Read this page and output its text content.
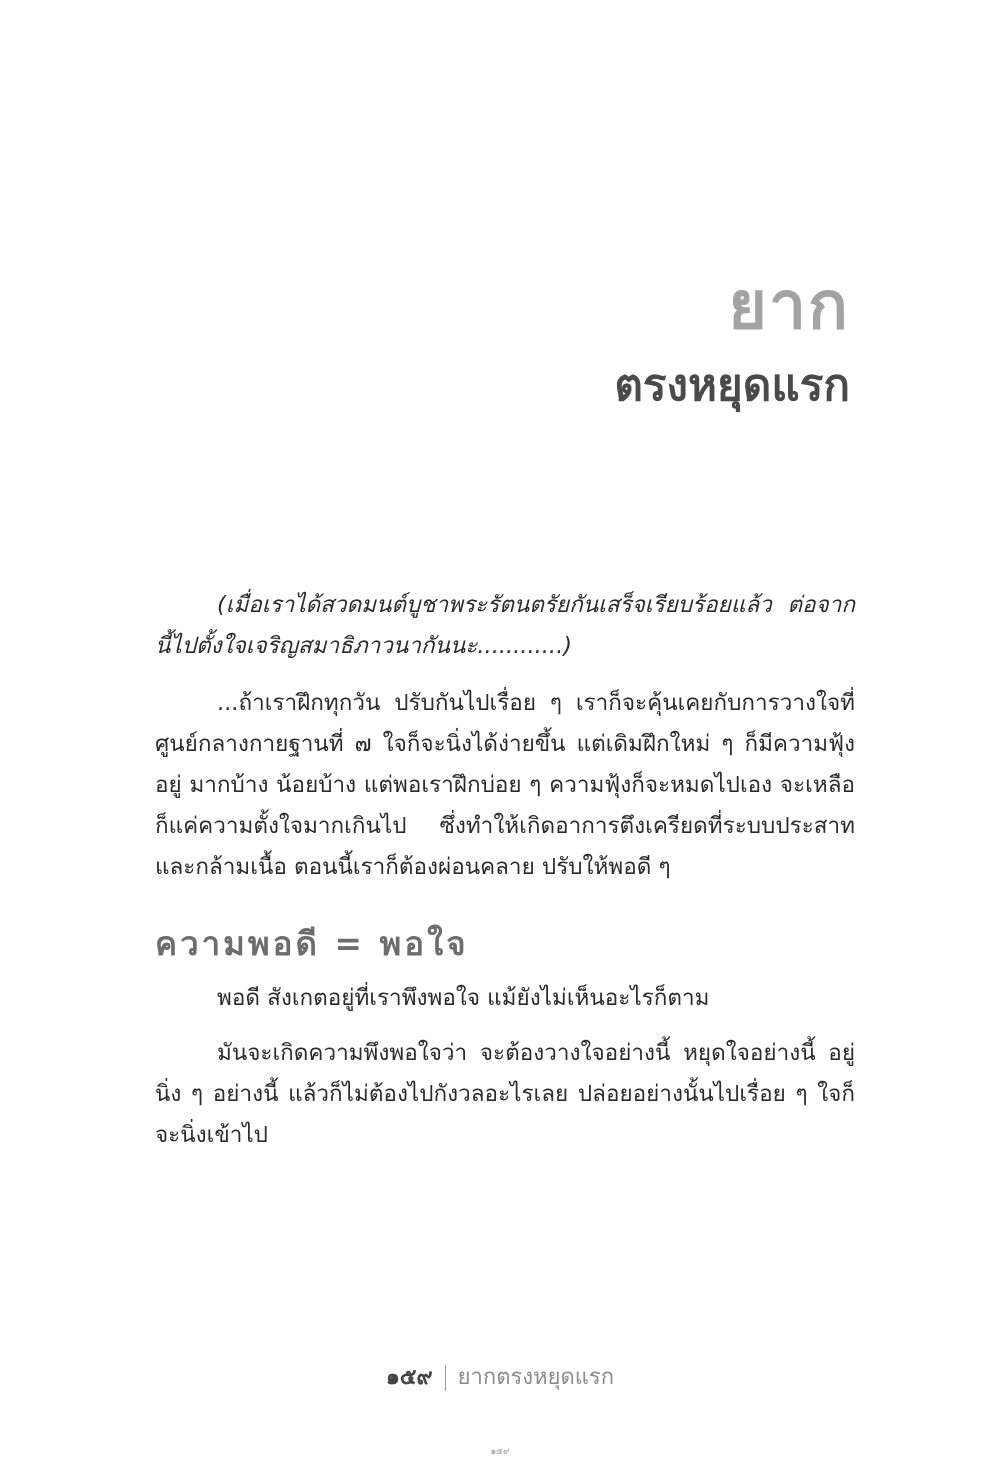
ยาก
ตรงหยุดแรก

(เมื่อเราได้สวดมนต์บูชาพระรัตนตรัยกันเสร็จเรียบร้อยแล้ว ต่อจากนี้ไปตั้งใจเจริญสมาธิภาวนากันนะ............)

...ถ้าเราฝึกทุกวัน ปรับกันไปเรื่อย ๆ เราก็จะคุ้นเคยกับการวางใจที่ศูนย์กลางกายฐานที่ ๗ ใจก็จะนิ่งได้ง่ายขึ้น แต่เดิมฝึกใหม่ ๆ ก็มีความฟุ้งอยู่ มากบ้าง น้อยบ้าง แต่พอเราฝึกบ่อย ๆ ความฟุ้งก็จะหมดไปเอง จะเหลือก็แค่ความตั้งใจมากเกินไป ซึ่งทำให้เกิดอาการตึงเครียดที่ระบบประสาทและกล้ามเนื้อ ตอนนี้เราก็ต้องผ่อนคลาย ปรับให้พอดี ๆ

ความพอดี = พอใจ

พอดี สังเกตอยู่ที่เราพึงพอใจ แม้ยังไม่เห็นอะไรก็ตาม

มันจะเกิดความพึงพอใจว่า จะต้องวางใจอย่างนี้ หยุดใจอย่างนี้ อยู่นิ่ง ๆ อย่างนี้ แล้วก็ไม่ต้องไปกังวลอะไรเลย ปล่อยอย่างนั้นไปเรื่อย ๆ ใจก็จะนิ่งเข้าไป

๑๕๙ ยากตรงหยุดแรก
๑๕๙
